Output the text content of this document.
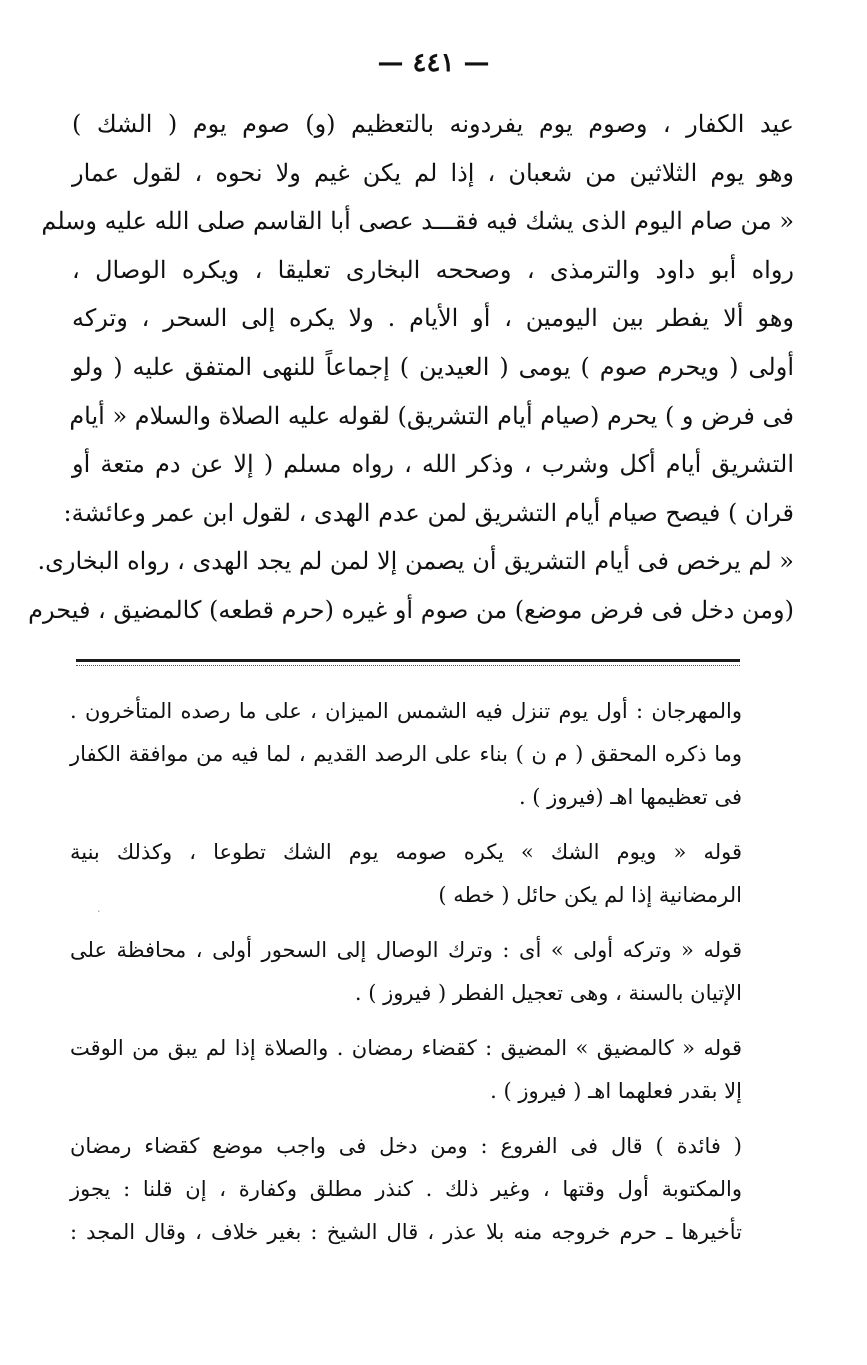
— ٤٤١ —
عيد الكفار ، وصوم يوم يفردونه بالتعظيم (و) صوم يوم ( الشك )
وهو يوم الثلاثين من شعبان ، إذا لم يكن غيم ولا نحوه ، لقول عمار
« من صام اليوم الذى يشك فيه فقـــد عصى أبا القاسم صلى الله عليه وسلم
رواه أبو داود والترمذى ، وصححه البخارى تعليقا ، ويكره الوصال ،
وهو ألا يفطر بين اليومين ، أو الأيام . ولا يكره إلى السحر ، وتركه
أولى ( ويحرم صوم ) يومى ( العيدين ) إجماعاً للنهى المتفق عليه ( ولو
فى فرض و ) يحرم (صيام أيام التشريق) لقوله عليه الصلاة والسلام « أيام
التشريق أيام أكل وشرب ، وذكر الله ، رواه مسلم ( إلا عن دم متعة أو
قران ) فيصح صيام أيام التشريق لمن عدم الهدى ، لقول ابن عمر وعائشة:
« لم يرخص فى أيام التشريق أن يصمن إلا لمن لم يجد الهدى ، رواه البخارى.
(ومن دخل فى فرض موضع) من صوم أو غيره (حرم قطعه) كالمضيق ، فيحرم
والمهرجان : أول يوم تنزل فيه الشمس الميزان ، على ما رصده المتأخرون .
وما ذكره المحقق ( م ن ) بناء على الرصد القديم ، لما فيه من موافقة الكفار
فى تعظيمها اهـ (فيروز ) .
قوله « ويوم الشك » يكره صومه يوم الشك تطوعا ، وكذلك بنية
الرمضانية إذا لم يكن حائل ( خطه )
قوله « وتركه أولى » أى : وترك الوصال إلى السحور أولى ، محافظة على
الإتيان بالسنة ، وهى تعجيل الفطر ( فيروز ) .
قوله « كالمضيق » المضيق : كقضاء رمضان . والصلاة إذا لم يبق من الوقت
إلا بقدر فعلهما اهـ ( فيروز ) .
( فائدة ) قال فى الفروع : ومن دخل فى واجب موضع كقضاء رمضان
والمكتوبة أول وقتها ، وغير ذلك . كنذر مطلق وكفارة ، إن قلنا : يجوز
تأخيرها ـ حرم خروجه منه بلا عذر ، قال الشيخ : بغير خلاف ، وقال المجد :
·
